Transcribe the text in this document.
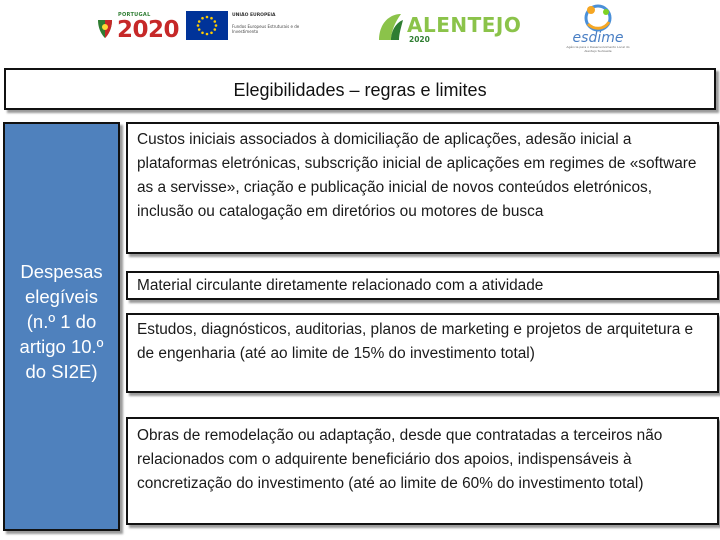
PORTUGAL
2020
UNIÃO EUROPEIA
Fundos Europeus Estruturais e de Investimento	ALENTEJO
2020	esdime
Agência para o Desenvolvimento Local do Alentejo Sudoeste
Elegibilidades – regras e limites
Despesas
elegíveis
(n.º 1 do
artigo 10.º
do SI2E)
Custos iniciais associados à domiciliação de aplicações, adesão inicial a plataformas eletrónicas, subscrição inicial de aplicações em regimes de «software as a servisse», criação e publicação inicial de novos conteúdos eletrónicos, inclusão ou catalogação em diretórios ou motores de busca
Material circulante diretamente relacionado com a atividade
Estudos, diagnósticos, auditorias, planos de marketing e projetos de arquitetura e de engenharia (até ao limite de 15% do investimento total)
Obras de remodelação ou adaptação, desde que contratadas a terceiros não relacionados com o adquirente beneficiário dos apoios, indispensáveis à concretização do investimento (até ao limite de 60% do investimento total)
